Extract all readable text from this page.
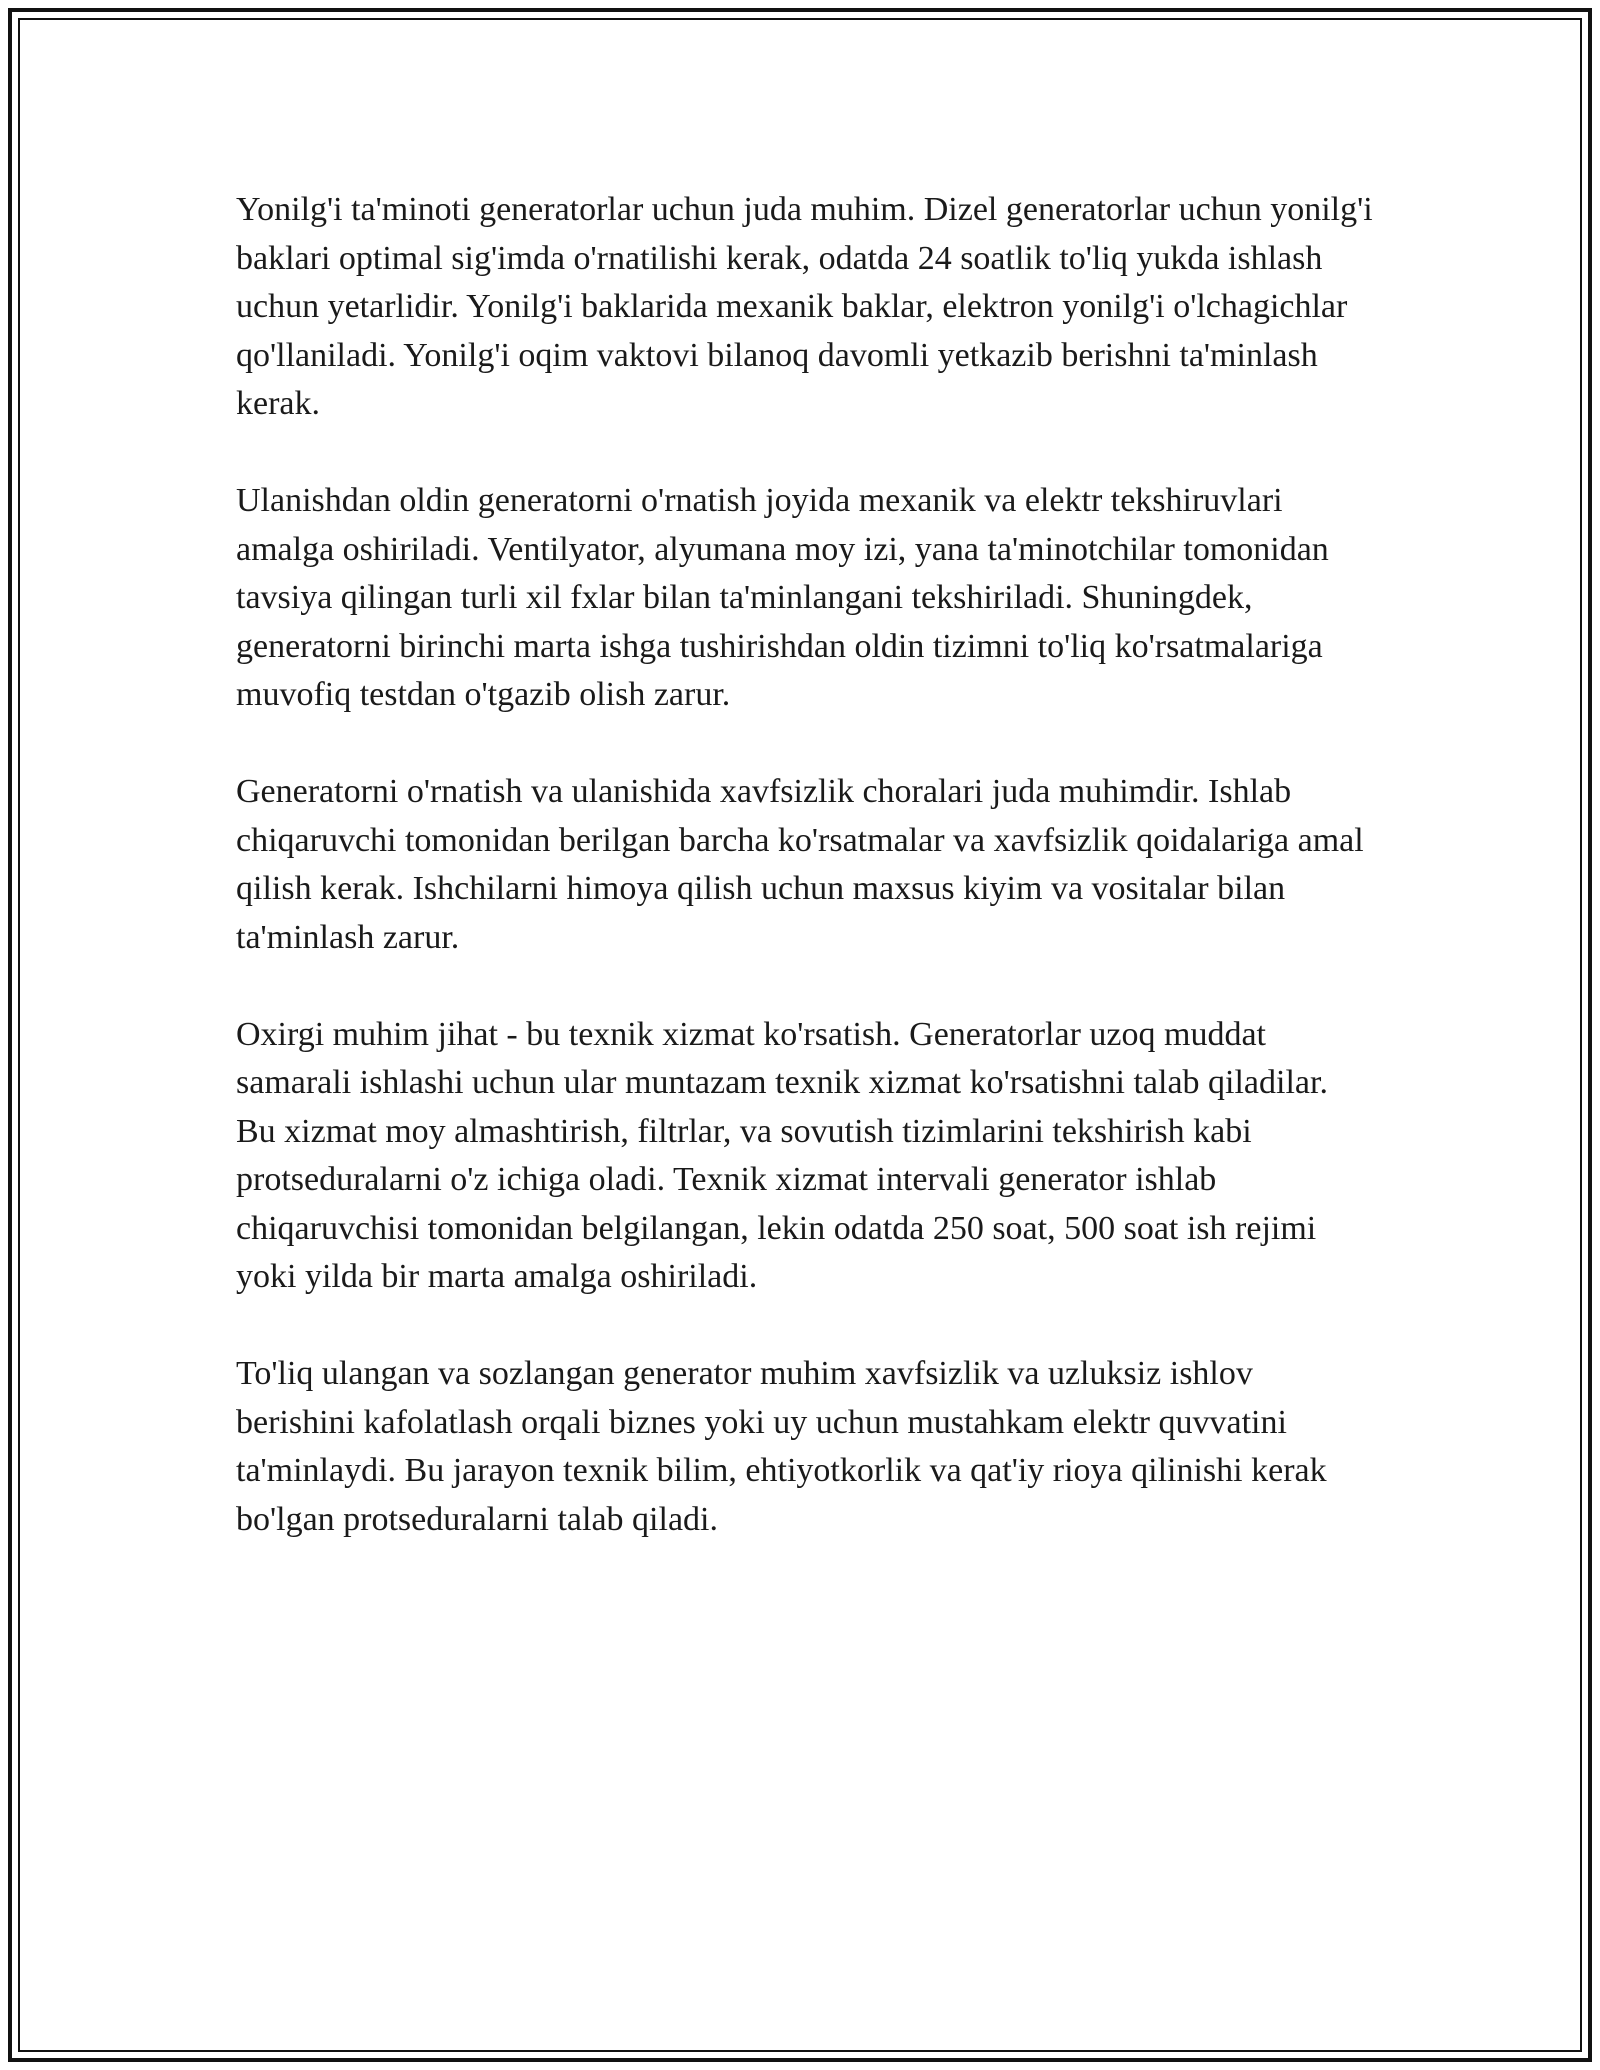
Yonilg'i ta'minoti generatorlar uchun juda muhim. Dizel generatorlar uchun yonilg'i baklari optimal sig'imda o'rnatilishi kerak, odatda 24 soatlik to'liq yukda ishlash uchun yetarlidir. Yonilg'i baklarida mexanik baklar, elektron yonilg'i o'lchagichlar qo'llaniladi. Yonilg'i oqim vaktovi bilanoq davomli yetkazib berishni ta'minlash kerak.

Ulanishdan oldin generatorni o'rnatish joyida mexanik va elektr tekshiruvlari amalga oshiriladi. Ventilyator, alyumana moy izi, yana ta'minotchilar tomonidan tavsiya qilingan turli xil fxlar bilan ta'minlangani tekshiriladi. Shuningdek, generatorni birinchi marta ishga tushirishdan oldin tizimni to'liq ko'rsatmalariga muvofiq testdan o'tgazib olish zarur.

Generatorni o'rnatish va ulanishida xavfsizlik choralari juda muhimdir. Ishlab chiqaruvchi tomonidan berilgan barcha ko'rsatmalar va xavfsizlik qoidalariga amal qilish kerak. Ishchilarni himoya qilish uchun maxsus kiyim va vositalar bilan ta'minlash zarur.

Oxirgi muhim jihat - bu texnik xizmat ko'rsatish. Generatorlar uzoq muddat samarali ishlashi uchun ular muntazam texnik xizmat ko'rsatishni talab qiladilar. Bu xizmat moy almashtirish, filtrlar, va sovutish tizimlarini tekshirish kabi protseduralarni o'z ichiga oladi. Texnik xizmat intervali generator ishlab chiqaruvchisi tomonidan belgilangan, lekin odatda 250 soat, 500 soat ish rejimi yoki yilda bir marta amalga oshiriladi.

To'liq ulangan va sozlangan generator muhim xavfsizlik va uzluksiz ishlov berishini kafolatlash orqali biznes yoki uy uchun mustahkam elektr quvvatini ta'minlaydi. Bu jarayon texnik bilim, ehtiyotkorlik va qat'iy rioya qilinishi kerak bo'lgan protseduralarni talab qiladi.
